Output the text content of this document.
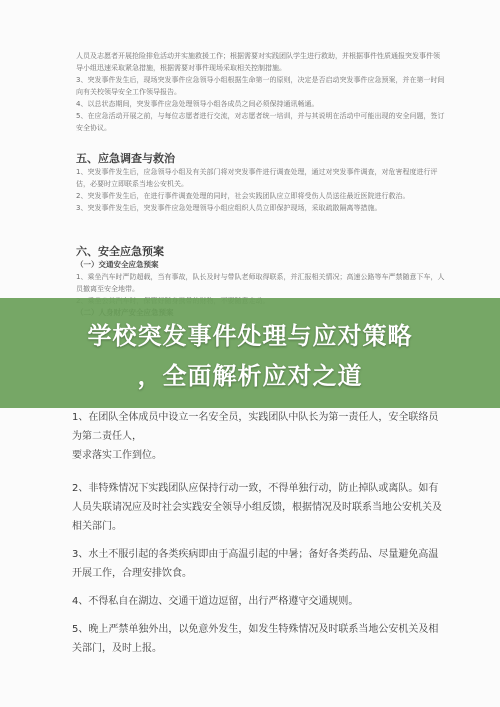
人员及志愿者开展抢险排危活动并实施救援工作；根据需要对实践团队学生进行救助，并根据事件性质通报突发事件领导小组迅速采取紧急措施，根据需要对事件现场采取相关控制措施。

3、突发事件发生后，现场突发事件应急领导小组根据生命第一的原则，决定是否启动突发事件应急预案，并在第一时间向有关校领导安全工作领导报告。

4、以总状态期间，突发事件应急处理领导小组各成员之间必须保持通讯畅通。

5、在应急活动开展之前，与每位志愿者进行交流，对志愿者统一培训，并与其说明在活动中可能出现的安全问题，签订安全协议。

五、应急调查与救治

1、突发事件发生后，应急领导小组及有关部门将对突发事件进行调查处理，通过对突发事件调查，对危害程度进行评估，必要时立即联系当地公安机关。

2、突发事件发生后，在进行事件调查处理的同时，社会实践团队应立即将受伤人员送往最近医院进行救治。

3、突发事件发生后，突发事件应急处理领导小组应组织人员立即保护现场，采取疏散隔离等措施。

六、安全应急预案
（一）交通安全应急预案

1、乘坐汽车时严防超载，当有事故，队长及时与带队老师取得联系，并汇报相关情况；高速公路等车严禁随意下车，人员撤离至安全地带。

学校突发事件处理与应对策略
，全面解析应对之道

1、在团队全体成员中设立一名安全员，实践团队中队长为第一责任人，安全联络员为第二责任人，

要求落实工作到位。

2、非特殊情况下实践团队应保持行动一致，不得单独行动，防止掉队或离队。如有人员失联请况应及时社会实践安全领导小组反馈，根据情况及时联系当地公安机关及相关部门。

3、水土不服引起的各类疾病即由于高温引起的中暑；备好各类药品、尽量避免高温开展工作，合理安排饮食。

4、不得私自在湖边、交通干道边逗留，出行严格遵守交通规则。

5、晚上严禁单独外出，以免意外发生，如发生特殊情况及时联系当地公安机关及相关部门，及时上报。
